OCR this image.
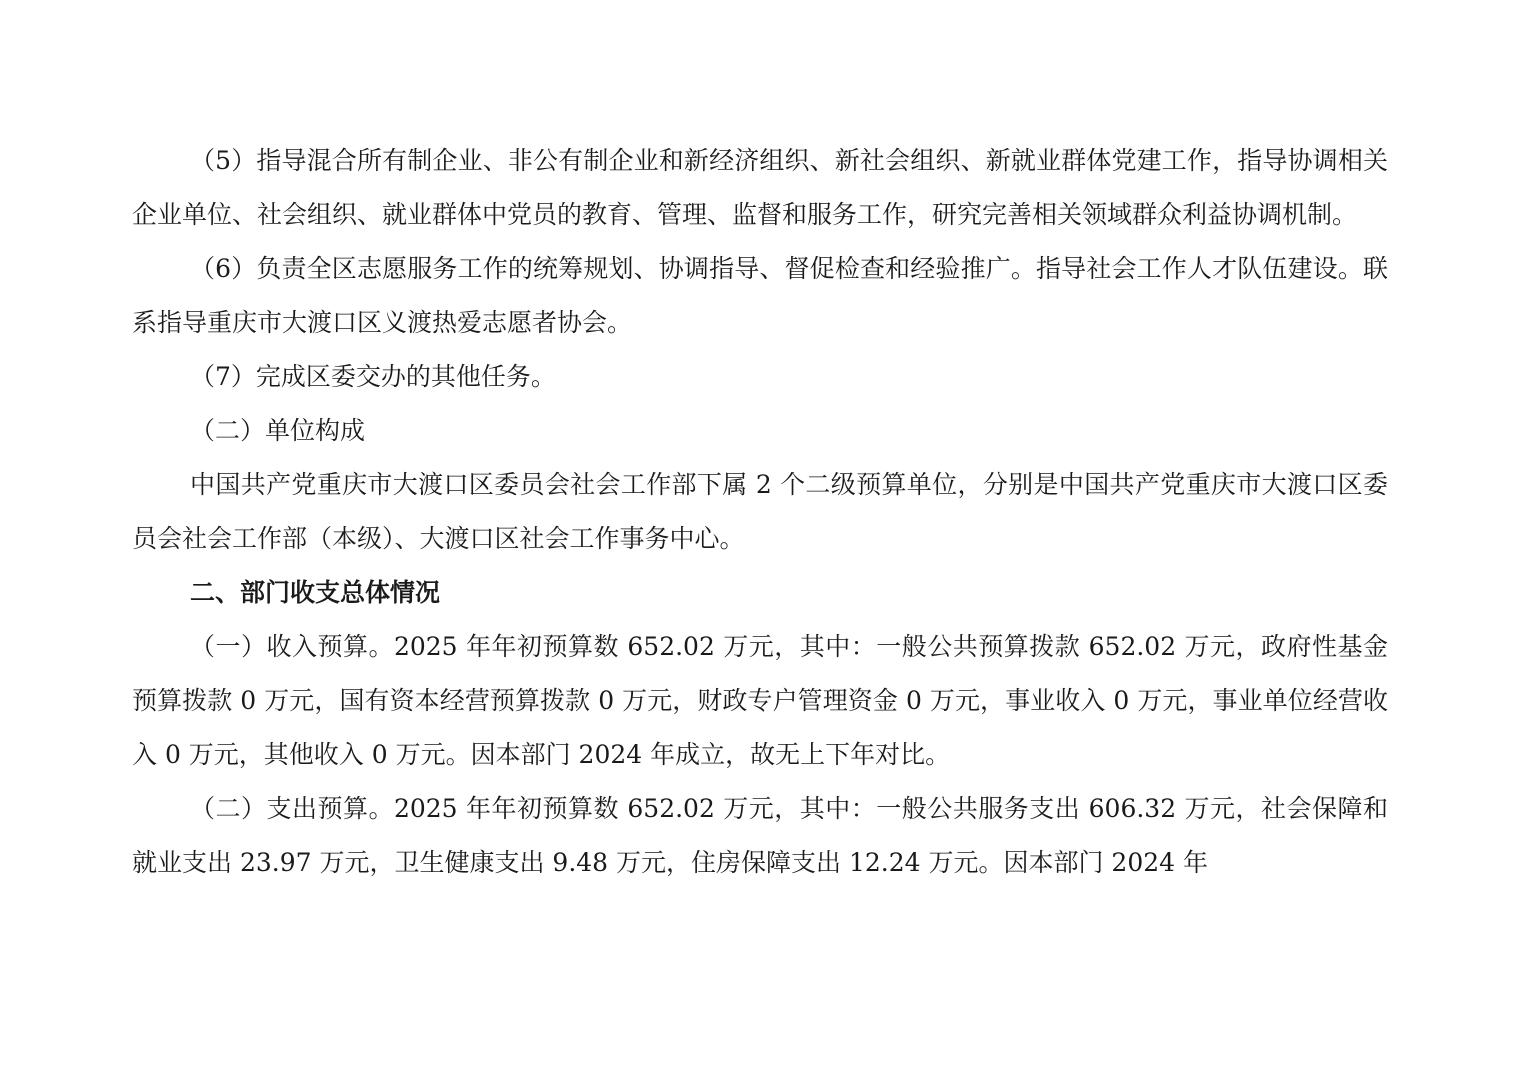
（5）指导混合所有制企业、非公有制企业和新经济组织、新社会组织、新就业群体党建工作，指导协调相关企业单位、社会组织、就业群体中党员的教育、管理、监督和服务工作，研究完善相关领域群众利益协调机制。

（6）负责全区志愿服务工作的统筹规划、协调指导、督促检查和经验推广。指导社会工作人才队伍建设。联系指导重庆市大渡口区义渡热爱志愿者协会。

（7）完成区委交办的其他任务。

（二）单位构成

中国共产党重庆市大渡口区委员会社会工作部下属 2 个二级预算单位，分别是中国共产党重庆市大渡口区委员会社会工作部（本级）、大渡口区社会工作事务中心。

二、部门收支总体情况

（一）收入预算。2025 年年初预算数 652.02 万元，其中：一般公共预算拨款 652.02 万元，政府性基金预算拨款 0 万元，国有资本经营预算拨款 0 万元，财政专户管理资金 0 万元，事业收入 0 万元，事业单位经营收入 0 万元，其他收入 0 万元。因本部门 2024 年成立，故无上下年对比。

（二）支出预算。2025 年年初预算数 652.02 万元，其中：一般公共服务支出 606.32 万元，社会保障和就业支出 23.97 万元，卫生健康支出 9.48 万元，住房保障支出 12.24 万元。因本部门 2024 年
